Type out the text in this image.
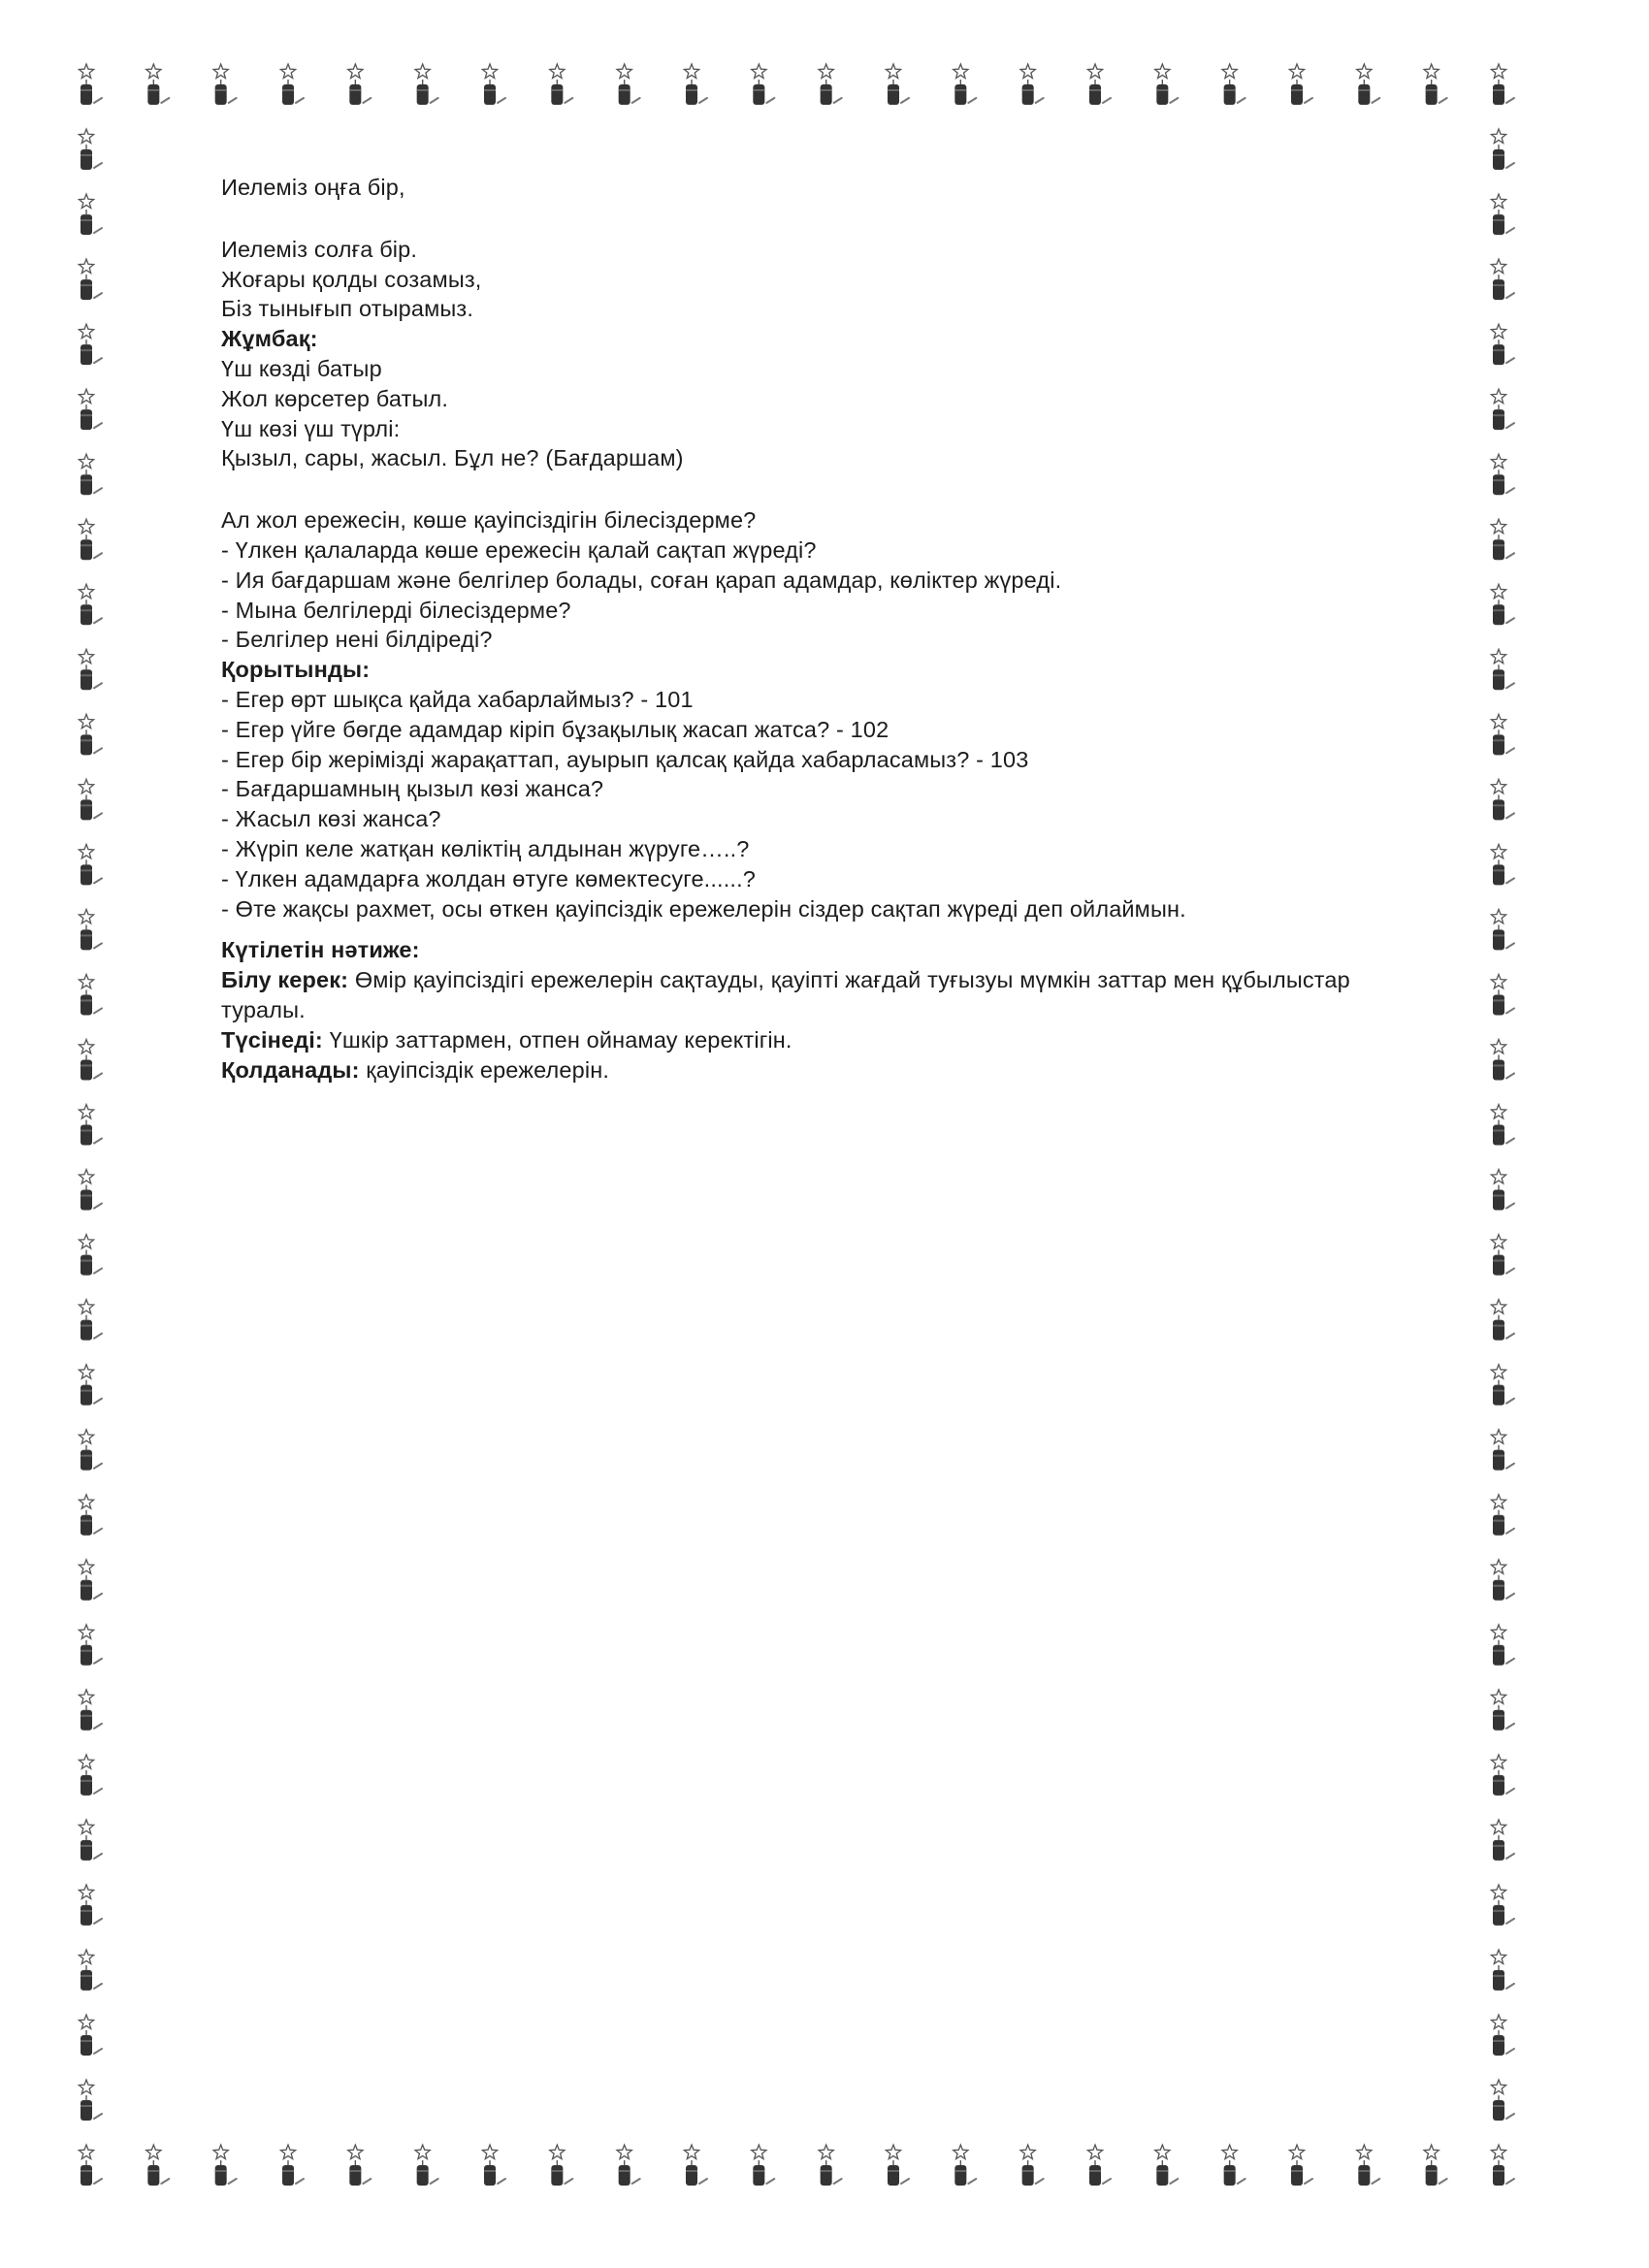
Иелеміз оңға бір,
Иелеміз солға бір.
Жоғары қолды созамыз,
Біз тынығып отырамыз.
Жұмбақ:
Үш көзді батыр
Жол көрсетер батыл.
Үш көзі үш түрлі:
Қызыл, сары, жасыл. Бұл не? (Бағдаршам)
Ал жол ережесін, көше қауіпсіздігін білесіздерме?
- Үлкен қалаларда көше ережесін қалай сақтап жүреді?
- Ия бағдаршам және белгілер болады, соған қарап адамдар, көліктер жүреді.
- Мына белгілерді білесіздерме?
- Белгілер нені білдіреді?
Қорытынды:
- Егер өрт шықса қайда хабарлаймыз? - 101
- Егер үйге бөгде адамдар кіріп бұзақылық жасап жатса? - 102
- Егер бір жерімізді жарақаттап, ауырып қалсақ қайда хабарласамыз? - 103
- Бағдаршамның қызыл көзі жанса?
- Жасыл көзі жанса?
- Жүріп келе жатқан көліктің алдынан жүруге…..?
- Үлкен адамдарға жолдан өтуге көмектесуге......?
- Өте жақсы рахмет, осы өткен қауіпсіздік ережелерін сіздер сақтап жүреді деп ойлаймын.
Күтілетін нәтиже:
Білу керек: Өмір қауіпсіздігі ережелерін сақтауды, қауіпті жағдай туғызуы мүмкін заттар мен құбылыстар туралы.
Түсінеді: Үшкір заттармен, отпен ойнамау керектігін.
Қолданады: қауіпсіздік ережелерін.
